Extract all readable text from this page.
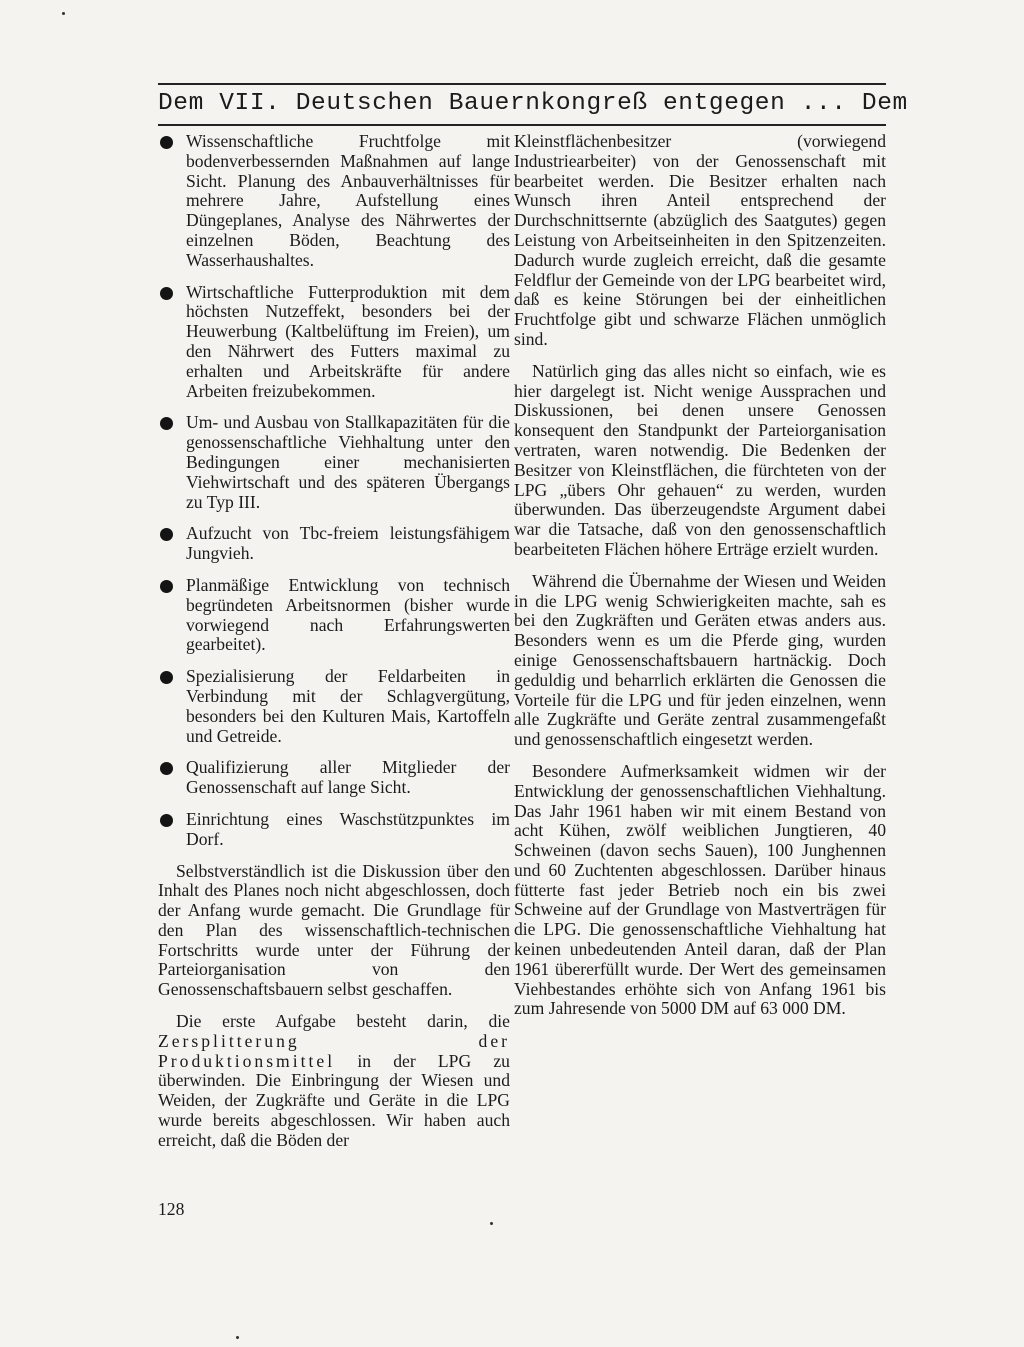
Dem VII. Deutschen Bauernkongreß entgegen ... Dem
Wissenschaftliche Fruchtfolge mit bodenverbessernden Maßnahmen auf lange Sicht. Planung des Anbauverhältnisses für mehrere Jahre, Aufstellung eines Düngeplanes, Analyse des Nährwertes der einzelnen Böden, Beachtung des Wasserhaushaltes.
Wirtschaftliche Futterproduktion mit dem höchsten Nutzeffekt, besonders bei der Heuwerbung (Kaltbelüftung im Freien), um den Nährwert des Futters maximal zu erhalten und Arbeitskräfte für andere Arbeiten freizubekommen.
Um- und Ausbau von Stallkapazitäten für die genossenschaftliche Viehhaltung unter den Bedingungen einer mechanisierten Viehwirtschaft und des späteren Übergangs zu Typ III.
Aufzucht von Tbc-freiem leistungsfähigem Jungvieh.
Planmäßige Entwicklung von technisch begründeten Arbeitsnormen (bisher wurde vorwiegend nach Erfahrungswerten gearbeitet).
Spezialisierung der Feldarbeiten in Verbindung mit der Schlagvergütung, besonders bei den Kulturen Mais, Kartoffeln und Getreide.
Qualifizierung aller Mitglieder der Genossenschaft auf lange Sicht.
Einrichtung eines Waschstützpunktes im Dorf.

Selbstverständlich ist die Diskussion über den Inhalt des Planes noch nicht abgeschlossen, doch der Anfang wurde gemacht. Die Grundlage für den Plan des wissenschaftlich-technischen Fortschritts wurde unter der Führung der Parteiorganisation von den Genossenschaftsbauern selbst geschaffen.

Die erste Aufgabe besteht darin, die Zersplitterung der Produktionsmittel in der LPG zu überwinden. Die Einbringung der Wiesen und Weiden, der Zugkräfte und Geräte in die LPG wurde bereits abgeschlossen. Wir haben auch erreicht, daß die Böden der

Kleinstflächenbesitzer (vorwiegend Industriearbeiter) von der Genossenschaft mit bearbeitet werden. Die Besitzer erhalten nach Wunsch ihren Anteil entsprechend der Durchschnittsernte (abzüglich des Saatgutes) gegen Leistung von Arbeitseinheiten in den Spitzenzeiten. Dadurch wurde zugleich erreicht, daß die gesamte Feldflur der Gemeinde von der LPG bearbeitet wird, daß es keine Störungen bei der einheitlichen Fruchtfolge gibt und schwarze Flächen unmöglich sind.

Natürlich ging das alles nicht so einfach, wie es hier dargelegt ist. Nicht wenige Aussprachen und Diskussionen, bei denen unsere Genossen konsequent den Standpunkt der Parteiorganisation vertraten, waren notwendig. Die Bedenken der Besitzer von Kleinstflächen, die fürchteten von der LPG „übers Ohr gehauen“ zu werden, wurden überwunden. Das überzeugendste Argument dabei war die Tatsache, daß von den genossenschaftlich bearbeiteten Flächen höhere Erträge erzielt wurden.

Während die Übernahme der Wiesen und Weiden in die LPG wenig Schwierigkeiten machte, sah es bei den Zugkräften und Geräten etwas anders aus. Besonders wenn es um die Pferde ging, wurden einige Genossenschaftsbauern hartnäckig. Doch geduldig und beharrlich erklärten die Genossen die Vorteile für die LPG und für jeden einzelnen, wenn alle Zugkräfte und Geräte zentral zusammengefaßt und genossenschaftlich eingesetzt werden.

Besondere Aufmerksamkeit widmen wir der Entwicklung der genossenschaftlichen Viehhaltung. Das Jahr 1961 haben wir mit einem Bestand von acht Kühen, zwölf weiblichen Jungtieren, 40 Schweinen (davon sechs Sauen), 100 Junghennen und 60 Zuchtenten abgeschlossen. Darüber hinaus fütterte fast jeder Betrieb noch ein bis zwei Schweine auf der Grundlage von Mastverträgen für die LPG. Die genossenschaftliche Viehhaltung hat keinen unbedeutenden Anteil daran, daß der Plan 1961 übererfüllt wurde. Der Wert des gemeinsamen Viehbestandes erhöhte sich von Anfang 1961 bis zum Jahresende von 5000 DM auf 63 000 DM.

128
